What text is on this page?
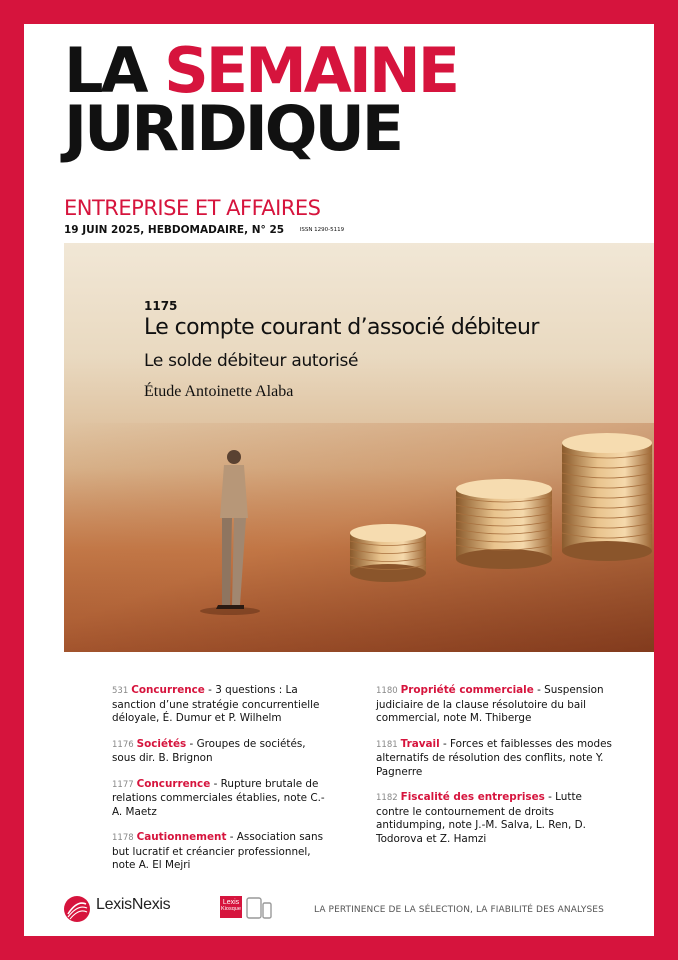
LA SEMAINE
JURIDIQUE
ENTREPRISE ET AFFAIRES
19 JUIN 2025, HEBDOMADAIRE, N° 25	ISSN 1290-5119
1175
Le compte courant d’associé débiteur
Le solde débiteur autorisé
Étude Antoinette Alaba
531 Concurrence - 3 questions : La sanction d’une stratégie concurrentielle déloyale, É. Dumur et P. Wilhelm
1176 Sociétés - Groupes de sociétés, sous dir. B. Brignon
1177 Concurrence - Rupture brutale de relations commerciales établies, note C.-A. Maetz
1178 Cautionnement - Association sans but lucratif et créancier professionnel, note A. El Mejri
1180 Propriété commerciale - Suspension judiciaire de la clause résolutoire du bail commercial, note M. Thiberge
1181 Travail - Forces et faiblesses des modes alternatifs de résolution des conflits, note Y. Pagnerre
1182 Fiscalité des entreprises - Lutte contre le contournement de droits antidumping, note J.-M. Salva, L. Ren, D. Todorova et Z. Hamzi
LexisNexis	Lexis
Kiosque	LA PERTINENCE DE LA SÉLECTION, LA FIABILITÉ DES ANALYSES
